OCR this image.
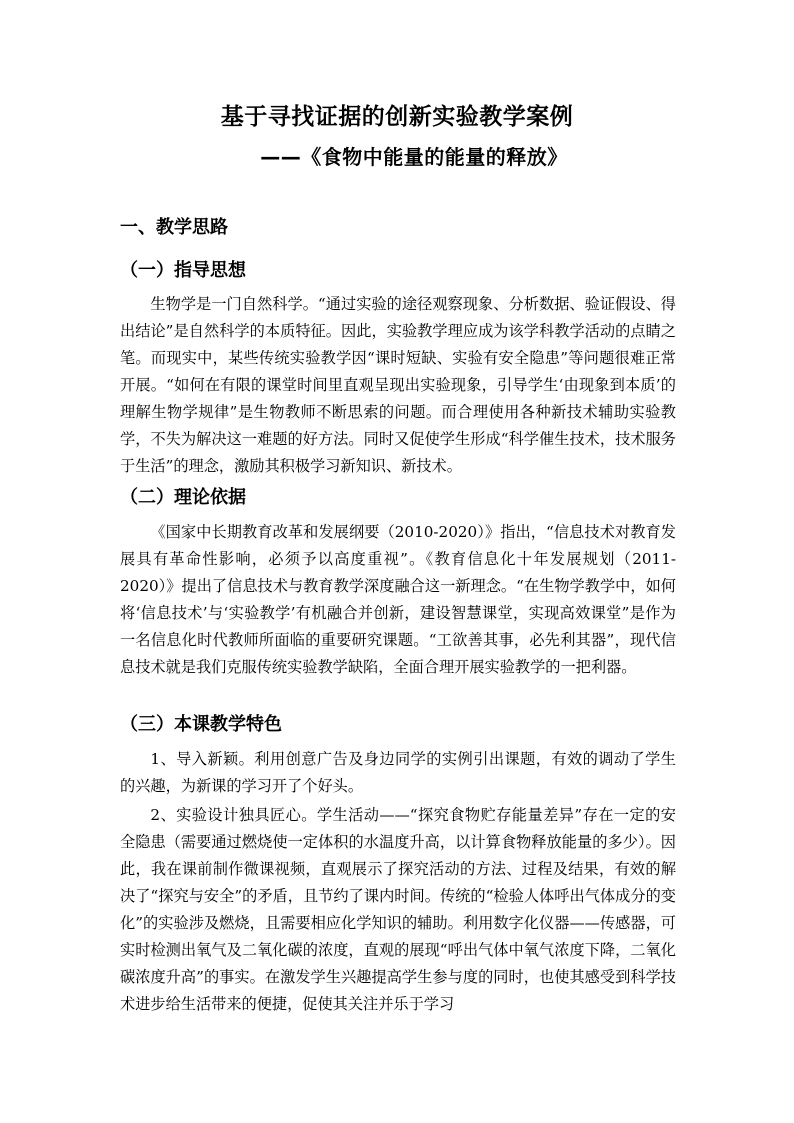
基于寻找证据的创新实验教学案例
——《食物中能量的能量的释放》
一、教学思路
（一）指导思想

生物学是一门自然科学。“通过实验的途径观察现象、分析数据、验证假设、得出结论”是自然科学的本质特征。因此，实验教学理应成为该学科教学活动的点睛之笔。而现实中，某些传统实验教学因“课时短缺、实验有安全隐患”等问题很难正常开展。“如何在有限的课堂时间里直观呈现出实验现象，引导学生‘由现象到本质’的理解生物学规律”是生物教师不断思索的问题。而合理使用各种新技术辅助实验教学，不失为解决这一难题的好方法。同时又促使学生形成“科学催生技术，技术服务于生活”的理念，激励其积极学习新知识、新技术。

（二）理论依据

《国家中长期教育改革和发展纲要（2010-2020）》指出，“信息技术对教育发展具有革命性影响，必须予以高度重视”。《教育信息化十年发展规划（2011-2020）》提出了信息技术与教育教学深度融合这一新理念。“在生物学教学中，如何将‘信息技术’与‘实验教学’有机融合并创新，建设智慧课堂，实现高效课堂”是作为一名信息化时代教师所面临的重要研究课题。“工欲善其事，必先利其器”，现代信息技术就是我们克服传统实验教学缺陷，全面合理开展实验教学的一把利器。

（三）本课教学特色

1、导入新颖。利用创意广告及身边同学的实例引出课题，有效的调动了学生的兴趣，为新课的学习开了个好头。

2、实验设计独具匠心。学生活动——“探究食物贮存能量差异”存在一定的安全隐患（需要通过燃烧使一定体积的水温度升高，以计算食物释放能量的多少）。因此，我在课前制作微课视频，直观展示了探究活动的方法、过程及结果，有效的解决了“探究与安全”的矛盾，且节约了课内时间。传统的“检验人体呼出气体成分的变化”的实验涉及燃烧，且需要相应化学知识的辅助。利用数字化仪器——传感器，可实时检测出氧气及二氧化碳的浓度，直观的展现“呼出气体中氧气浓度下降，二氧化碳浓度升高”的事实。在激发学生兴趣提高学生参与度的同时，也使其感受到科学技术进步给生活带来的便捷，促使其关注并乐于学习
